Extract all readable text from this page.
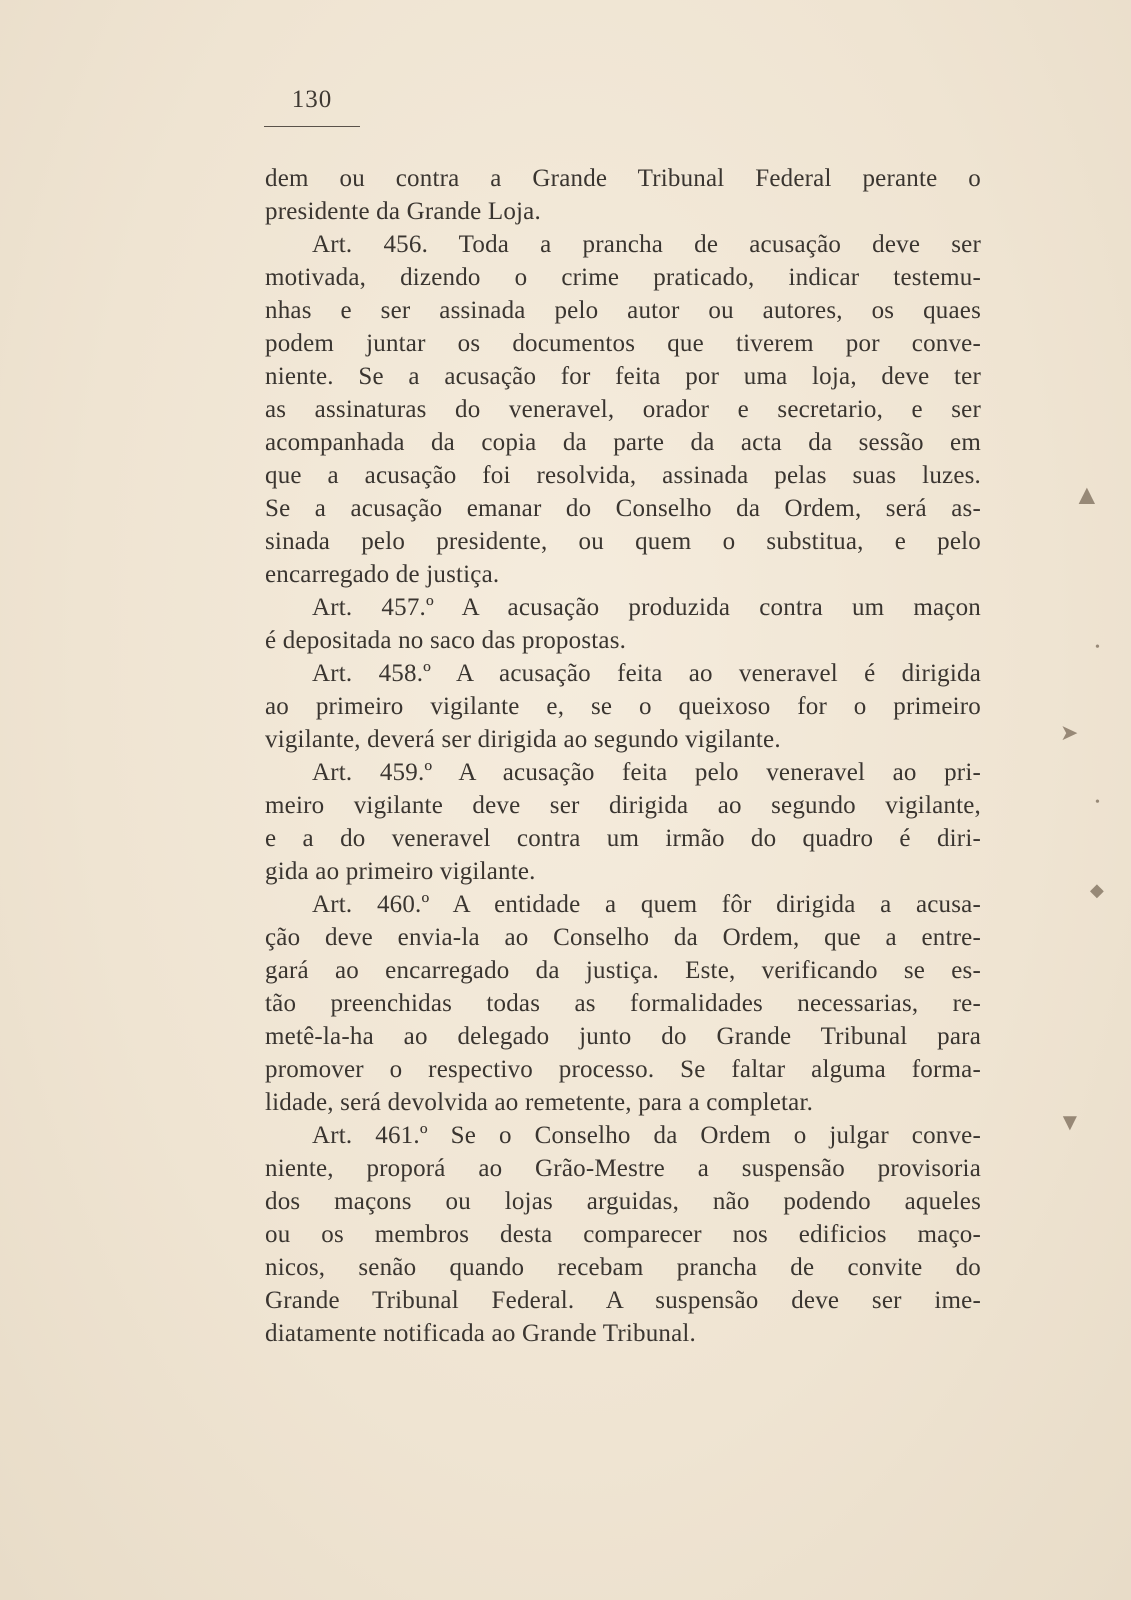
130
dem ou contra a Grande Tribunal Federal perante o
presidente da Grande Loja.
Art. 456. Toda a prancha de acusação deve ser
motivada, dizendo o crime praticado, indicar testemu-
nhas e ser assinada pelo autor ou autores, os quaes
podem juntar os documentos que tiverem por conve-
niente. Se a acusação for feita por uma loja, deve ter
as assinaturas do veneravel, orador e secretario, e ser
acompanhada da copia da parte da acta da sessão em
que a acusação foi resolvida, assinada pelas suas luzes.
Se a acusação emanar do Conselho da Ordem, será as-
sinada pelo presidente, ou quem o substitua, e pelo
encarregado de justiça.
Art. 457.º A acusação produzida contra um maçon
é depositada no saco das propostas.
Art. 458.º A acusação feita ao veneravel é dirigida
ao primeiro vigilante e, se o queixoso for o primeiro
vigilante, deverá ser dirigida ao segundo vigilante.
Art. 459.º A acusação feita pelo veneravel ao pri-
meiro vigilante deve ser dirigida ao segundo vigilante,
e a do veneravel contra um irmão do quadro é diri-
gida ao primeiro vigilante.
Art. 460.º A entidade a quem fôr dirigida a acusa-
ção deve envia-la ao Conselho da Ordem, que a entre-
gará ao encarregado da justiça. Este, verificando se es-
tão preenchidas todas as formalidades necessarias, re-
metê-la-ha ao delegado junto do Grande Tribunal para
promover o respectivo processo. Se faltar alguma forma-
lidade, será devolvida ao remetente, para a completar.
Art. 461.º Se o Conselho da Ordem o julgar conve-
niente, proporá ao Grão-Mestre a suspensão provisoria
dos maçons ou lojas arguidas, não podendo aqueles
ou os membros desta comparecer nos edificios maço-
nicos, senão quando recebam prancha de convite do
Grande Tribunal Federal. A suspensão deve ser ime-
diatamente notificada ao Grande Tribunal.
▲
•
➤
•
◆
▼
